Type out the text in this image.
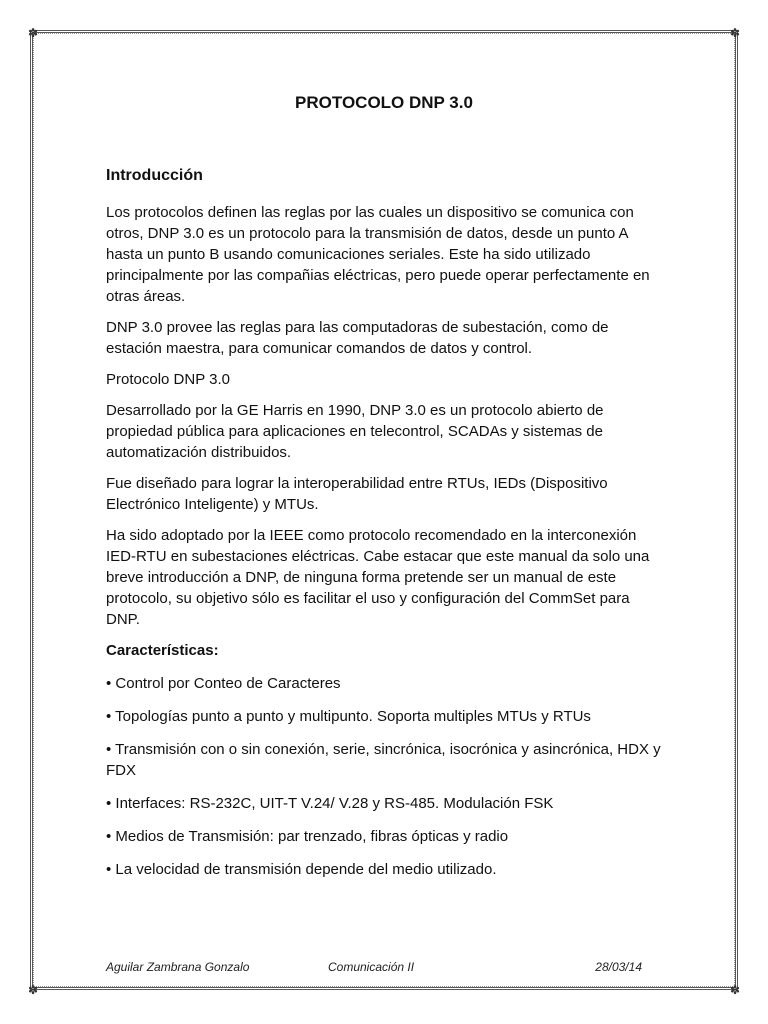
✽	✽
✽	✽
PROTOCOLO DNP 3.0
Introducción

Los protocolos definen las reglas por las cuales un dispositivo se comunica con otros, DNP 3.0 es un protocolo para la transmisión de datos, desde un punto A hasta un punto B usando comunicaciones seriales. Este ha sido utilizado principalmente por las compañias eléctricas, pero puede operar perfectamente en otras áreas.

DNP 3.0 provee las reglas para las computadoras de subestación, como de estación maestra, para comunicar comandos de datos y control.

Protocolo DNP 3.0

Desarrollado por la GE Harris en 1990, DNP 3.0 es un protocolo abierto de propiedad pública para aplicaciones en telecontrol, SCADAs y sistemas de automatización distribuidos.

Fue diseñado para lograr la interoperabilidad entre RTUs, IEDs (Dispositivo Electrónico Inteligente) y MTUs.

Ha sido adoptado por la IEEE como protocolo recomendado en la interconexión IED-RTU en subestaciones eléctricas. Cabe estacar que este manual da solo una breve introducción a DNP, de ninguna forma pretende ser un manual de este protocolo, su objetivo sólo es facilitar el uso y configuración del CommSet para DNP.

Características:
• Control por Conteo de Caracteres
• Topologías punto a punto y multipunto. Soporta multiples MTUs y RTUs
• Transmisión con o sin conexión, serie, sincrónica, isocrónica y asincrónica, HDX y FDX
• Interfaces: RS-232C, UIT-T V.24/ V.28 y RS-485. Modulación FSK
• Medios de Transmisión: par trenzado, fibras ópticas y radio
• La velocidad de transmisión depende del medio utilizado.
Aguilar Zambrana Gonzalo	Comunicación II	28/03/14
